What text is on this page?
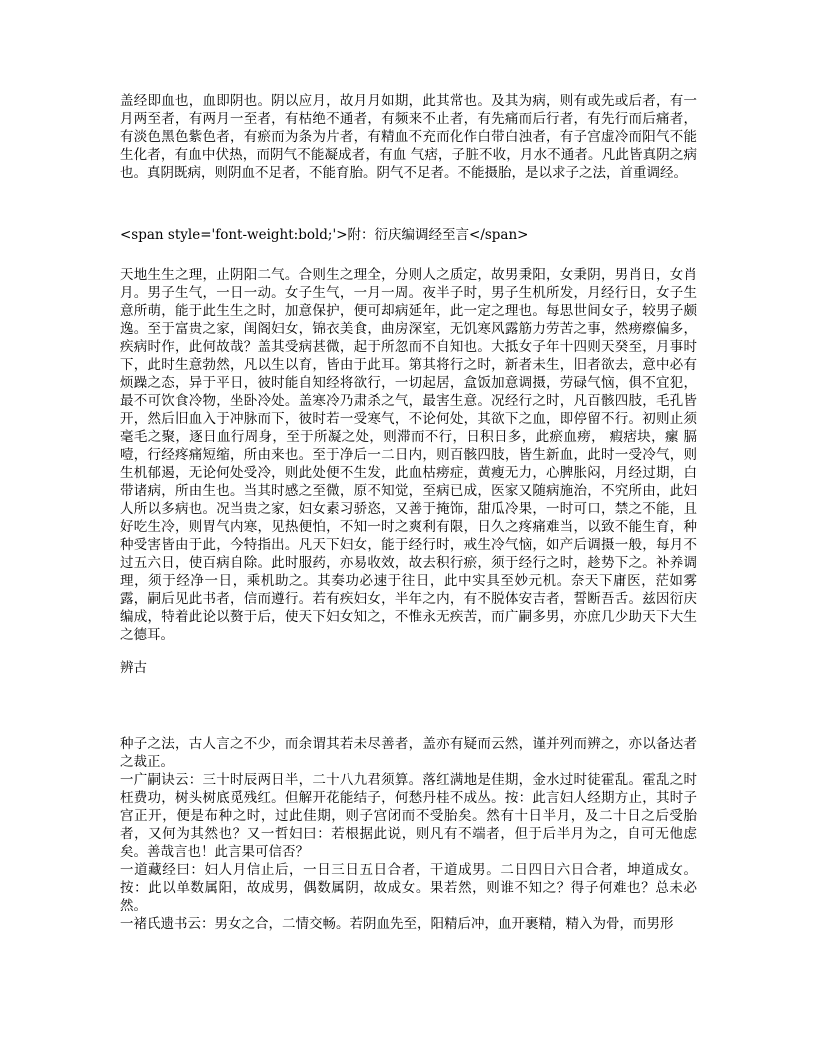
盖经即血也，血即阴也。阴以应月，故月月如期，此其常也。及其为病，则有或先或后者，有一月两至者，有两月一至者，有枯绝不通者，有频来不止者，有先痛而后行者，有先行而后痛者，有淡色黑色紫色者，有瘀而为条为片者，有精血不充而化作白带白浊者，有子宫虚冷而阳气不能生化者，有血中伏热，而阴气不能凝成者，有血 气痞，子脏不收，月水不通者。凡此皆真阴之病也。真阴既病，则阴血不足者，不能育胎。阴气不足者。不能摄胎，是以求子之法，首重调经。

<span style='font-weight:bold;'>附：衍庆编调经至言</span>

天地生生之理，止阴阳二气。合则生之理全，分则人之质定，故男秉阳，女秉阴，男肖日，女肖月。男子生气，一日一动。女子生气，一月一周。夜半子时，男子生机所发，月经行日，女子生意所萌，能于此生生之时，加意保护，便可却病延年，此一定之理也。每思世间女子，较男子颇逸。至于富贵之家，闺阁妇女，锦衣美食，曲房深室，无饥寒风露筋力劳苦之事，然痨瘵偏多，疾病时作，此何故哉？盖其受病甚微，起于所忽而不自知也。大抵女子年十四则天癸至，月事时下，此时生意勃然，凡以生以育，皆由于此耳。第其将行之时，新者未生，旧者欲去，意中必有烦躁之态，异于平日，彼时能自知经将欲行，一切起居，盒饭加意调摄，劳碌气恼，俱不宜犯，最不可饮食冷物，坐卧冷处。盖寒冷乃肃杀之气，最害生意。况经行之时，凡百骸四肢，毛孔皆开，然后旧血入于冲脉而下，彼时若一受寒气，不论何处，其欲下之血，即停留不行。初则止须毫毛之聚，逐日血行周身，至于所凝之处，则滞而不行，日积日多，此瘀血痨， 瘕痞块，瘰 膈噎，行经疼痛短缩，所由来也。至于净后一二日内，则百骸四肢，皆生新血，此时一受冷气，则生机郁遏，无论何处受冷，则此处便不生发，此血枯痨症，黄瘦无力，心脾胀闷，月经过期，白带诸病，所由生也。当其时感之至微，原不知觉，至病已成，医家又随病施治，不究所由，此妇人所以多病也。况当贵之家，妇女素习骄恣，又善于掩饰，甜瓜冷果，一时可口，禁之不能，且好吃生冷，则胃气内寒，见热便怕，不知一时之爽利有限，日久之疼痛难当，以致不能生育，种种受害皆由于此，今特指出。凡天下妇女，能于经行时，戒生冷气恼，如产后调摄一般，每月不过五六日，使百病自除。此时服药，亦易收效，故去积行瘀，须于经行之时，趁势下之。补养调理，须于经净一日，乘机助之。其奏功必速于往日，此中实具至妙元机。奈天下庸医，茫如雾露，嗣后见此书者，信而遵行。若有疾妇女，半年之内，有不脱体安吉者，誓断吾舌。兹因衍庆编成，特着此论以赘于后，使天下妇女知之，不惟永无疾苦，而广嗣多男，亦庶几少助天下大生之德耳。

辨古

种子之法，古人言之不少，而余谓其若未尽善者，盖亦有疑而云然，谨并列而辨之，亦以备达者之裁正。

一广嗣诀云：三十时辰两日半，二十八九君须算。落红满地是佳期，金水过时徒霍乱。霍乱之时枉费功，树头树底觅残红。但解开花能结子，何愁丹桂不成丛。按：此言妇人经期方止，其时子宫正开，便是布种之时，过此佳期，则子宫闭而不受胎矣。然有十日半月，及二十日之后受胎者，又何为其然也？又一哲妇曰：若根据此说，则凡有不端者，但于后半月为之，自可无他虑矣。善哉言也！此言果可信否？

一道藏经曰：妇人月信止后，一日三日五日合者，干道成男。二日四日六日合者，坤道成女。按：此以单数属阳，故成男，偶数属阴，故成女。果若然，则谁不知之？得子何难也？总未必然。

一褚氏遗书云：男女之合，二情交畅。若阴血先至，阳精后冲，血开裹精，精入为骨，而男形
